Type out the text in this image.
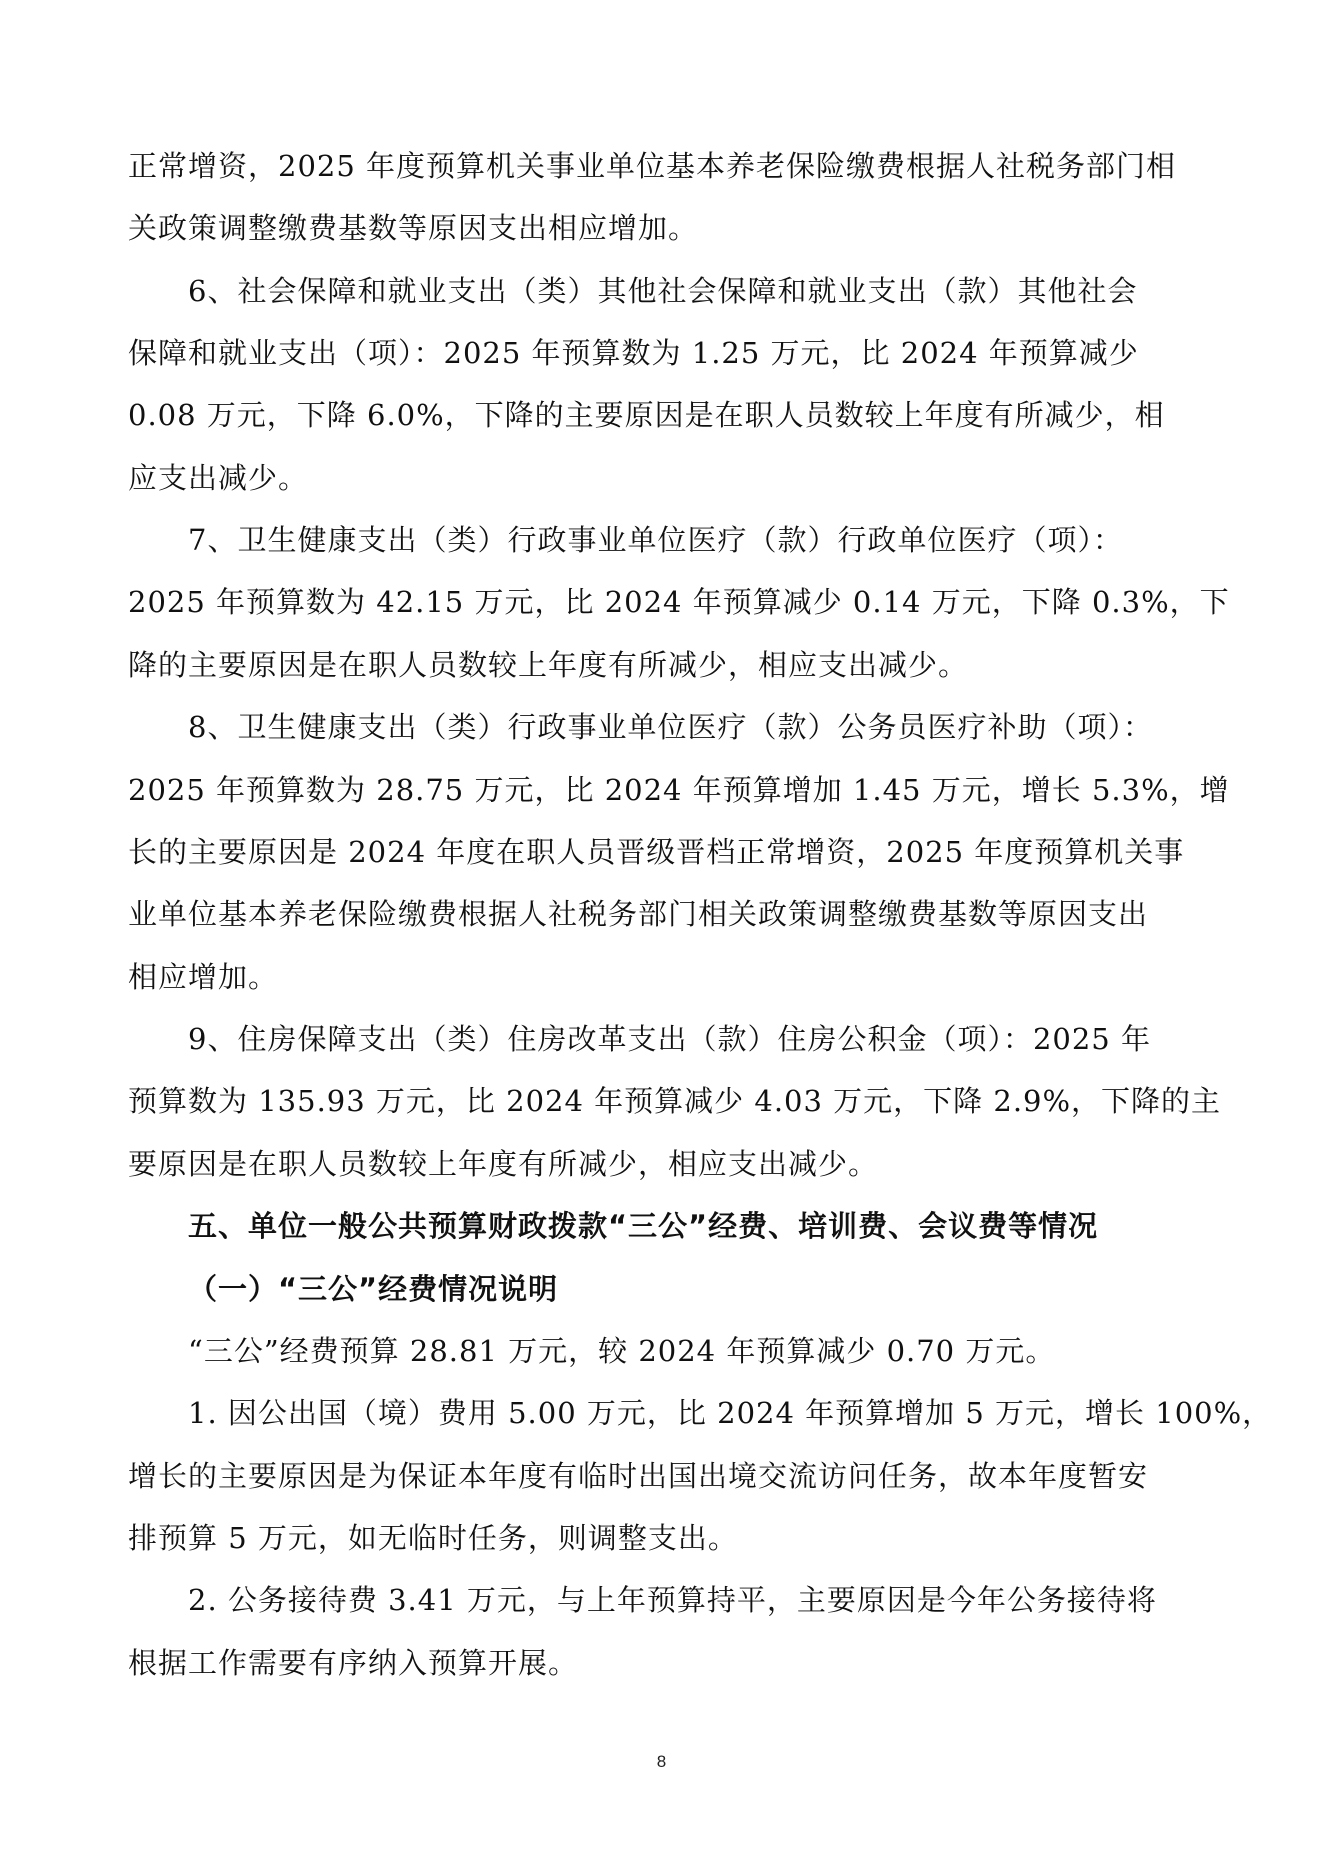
正常增资，2025 年度预算机关事业单位基本养老保险缴费根据人社税务部门相
关政策调整缴费基数等原因支出相应增加。
6、社会保障和就业支出（类）其他社会保障和就业支出（款）其他社会
保障和就业支出（项）：2025 年预算数为 1.25 万元，比 2024 年预算减少
0.08 万元，下降 6.0%，下降的主要原因是在职人员数较上年度有所减少，相
应支出减少。
7、卫生健康支出（类）行政事业单位医疗（款）行政单位医疗（项）：
2025 年预算数为 42.15 万元，比 2024 年预算减少 0.14 万元，下降 0.3%，下
降的主要原因是在职人员数较上年度有所减少，相应支出减少。
8、卫生健康支出（类）行政事业单位医疗（款）公务员医疗补助（项）：
2025 年预算数为 28.75 万元，比 2024 年预算增加 1.45 万元，增长 5.3%，增
长的主要原因是 2024 年度在职人员晋级晋档正常增资，2025 年度预算机关事
业单位基本养老保险缴费根据人社税务部门相关政策调整缴费基数等原因支出
相应增加。
9、住房保障支出（类）住房改革支出（款）住房公积金（项）：2025 年
预算数为 135.93 万元，比 2024 年预算减少 4.03 万元，下降 2.9%，下降的主
要原因是在职人员数较上年度有所减少，相应支出减少。
五、单位一般公共预算财政拨款“三公”经费、培训费、会议费等情况
（一）“三公”经费情况说明
“三公”经费预算 28.81 万元，较 2024 年预算减少 0.70 万元。
1. 因公出国（境）费用 5.00 万元，比 2024 年预算增加 5 万元，增长 100%，
增长的主要原因是为保证本年度有临时出国出境交流访问任务，故本年度暂安
排预算 5 万元，如无临时任务，则调整支出。
2. 公务接待费 3.41 万元，与上年预算持平，主要原因是今年公务接待将
根据工作需要有序纳入预算开展。
8
